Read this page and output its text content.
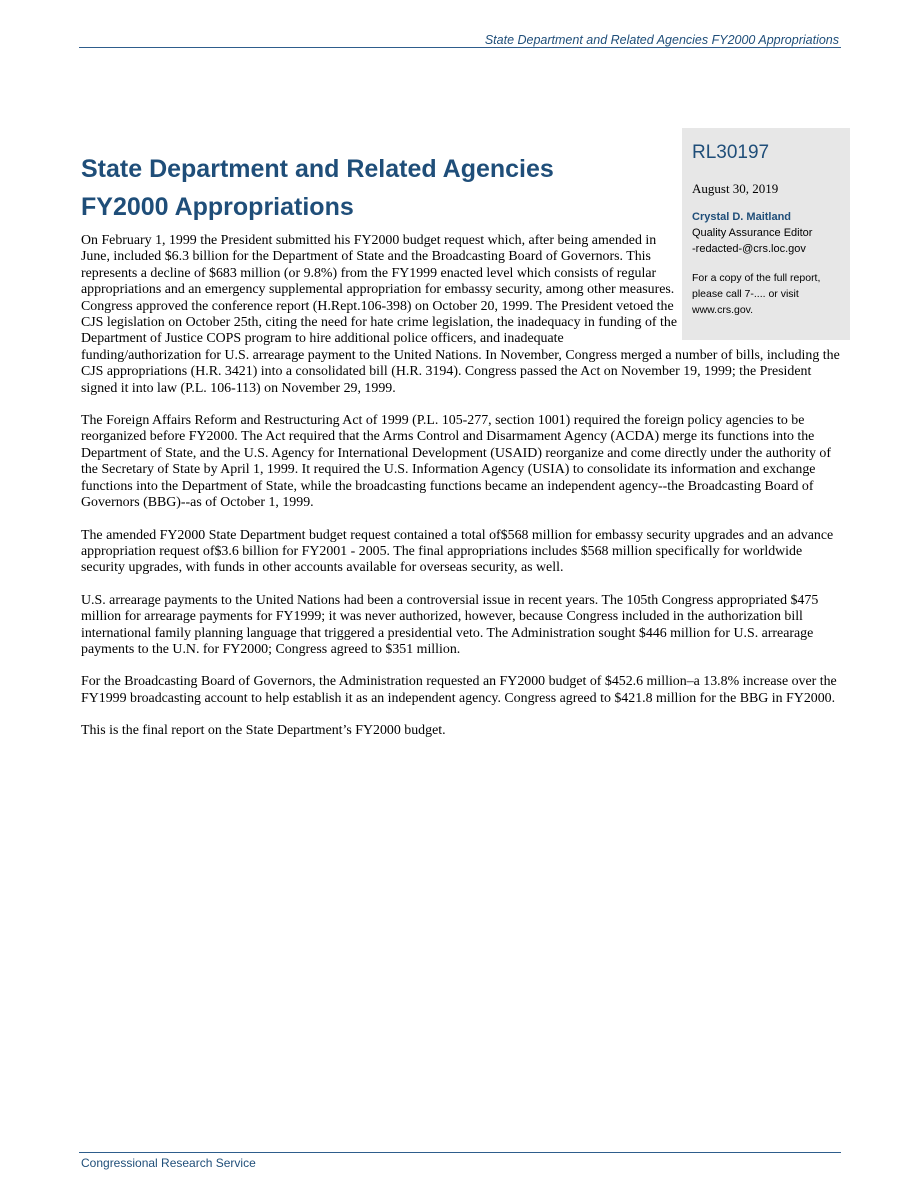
State Department and Related Agencies FY2000 Appropriations
RL30197
August 30, 2019
Crystal D. Maitland
Quality Assurance Editor
-redacted-@crs.loc.gov
For a copy of the full report, please call 7-.... or visit www.crs.gov.
State Department and Related Agencies
FY2000 Appropriations

On February 1, 1999 the President submitted his FY2000 budget request which, after being amended in June, included $6.3 billion for the Department of State and the Broadcasting Board of Governors. This represents a decline of $683 million (or 9.8%) from the FY1999 enacted level which consists of regular appropriations and an emergency supplemental appropriation for embassy security, among other measures. Congress approved the conference report (H.Rept.106-398) on October 20, 1999. The President vetoed the CJS legislation on October 25th, citing the need for hate crime legislation, the inadequacy in funding of the Department of Justice COPS program to hire additional police officers, and inadequate funding/authorization for U.S. arrearage payment to the United Nations. In November, Congress merged a number of bills, including the CJS appropriations (H.R. 3421) into a consolidated bill (H.R. 3194). Congress passed the Act on November 19, 1999; the President signed it into law (P.L. 106-113) on November 29, 1999.

The Foreign Affairs Reform and Restructuring Act of 1999 (P.L. 105-277, section 1001) required the foreign policy agencies to be reorganized before FY2000. The Act required that the Arms Control and Disarmament Agency (ACDA) merge its functions into the Department of State, and the U.S. Agency for International Development (USAID) reorganize and come directly under the authority of the Secretary of State by April 1, 1999. It required the U.S. Information Agency (USIA) to consolidate its information and exchange functions into the Department of State, while the broadcasting functions became an independent agency--the Broadcasting Board of Governors (BBG)--as of October 1, 1999.

The amended FY2000 State Department budget request contained a total of$568 million for embassy security upgrades and an advance appropriation request of$3.6 billion for FY2001 - 2005. The final appropriations includes $568 million specifically for worldwide security upgrades, with funds in other accounts available for overseas security, as well.

U.S. arrearage payments to the United Nations had been a controversial issue in recent years. The 105th Congress appropriated $475 million for arrearage payments for FY1999; it was never authorized, however, because Congress included in the authorization bill international family planning language that triggered a presidential veto. The Administration sought $446 million for U.S. arrearage payments to the U.N. for FY2000; Congress agreed to $351 million.

For the Broadcasting Board of Governors, the Administration requested an FY2000 budget of $452.6 million–a 13.8% increase over the FY1999 broadcasting account to help establish it as an independent agency. Congress agreed to $421.8 million for the BBG in FY2000.

This is the final report on the State Department’s FY2000 budget.

Congressional Research Service
